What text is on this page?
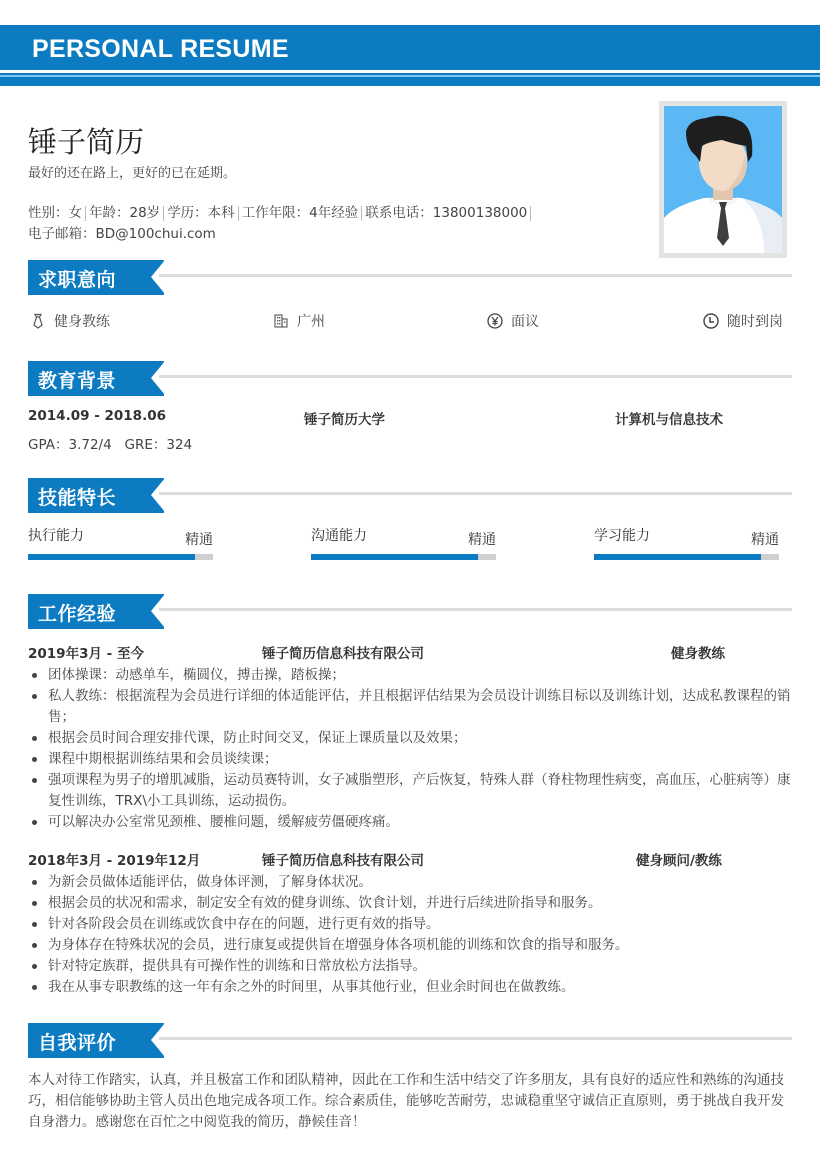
PERSONAL RESUME
锤子简历
最好的还在路上，更好的已在延期。
性别：女 年龄：28岁 学历：本科 工作年限：4年经验 联系电话：13800138000
电子邮箱：BD@100chui.com
求职意向
健身教练	广州	面议	随时到岗
教育背景
2014.09 - 2018.06	锤子简历大学	计算机与信息技术
GPA：3.72/4   GRE：324
技能特长
执行能力	精通	沟通能力	精通	学习能力	精通
工作经验
2019年3月 - 至今	锤子简历信息科技有限公司	健身教练
团体操课：动感单车，椭圆仪，搏击操，踏板操；
私人教练：根据流程为会员进行详细的体适能评估，并且根据评估结果为会员设计训练目标以及训练计划，达成私教课程的销售；
根据会员时间合理安排代课，防止时间交叉，保证上课质量以及效果；
课程中期根据训练结果和会员谈续课；
强项课程为男子的增肌减脂，运动员赛特训，女子减脂塑形，产后恢复，特殊人群（脊柱物理性病变，高血压，心脏病等）康复性训练，TRX\小工具训练，运动损伤。
可以解决办公室常见颈椎、腰椎问题，缓解疲劳僵硬疼痛。
2018年3月 - 2019年12月	锤子简历信息科技有限公司	健身顾问/教练
为新会员做体适能评估，做身体评测，了解身体状况。
根据会员的状况和需求，制定安全有效的健身训练、饮食计划，并进行后续进阶指导和服务。
针对各阶段会员在训练或饮食中存在的问题，进行更有效的指导。
为身体存在特殊状况的会员，进行康复或提供旨在增强身体各项机能的训练和饮食的指导和服务。
针对特定族群，提供具有可操作性的训练和日常放松方法指导。
我在从事专职教练的这一年有余之外的时间里，从事其他行业，但业余时间也在做教练。
自我评价
本人对待工作踏实，认真，并且极富工作和团队精神，因此在工作和生活中结交了许多朋友，具有良好的适应性和熟练的沟通技巧，相信能够协助主管人员出色地完成各项工作。综合素质佳，能够吃苦耐劳，忠诚稳重坚守诚信正直原则，勇于挑战自我开发自身潜力。感谢您在百忙之中阅览我的简历，静候佳音！
